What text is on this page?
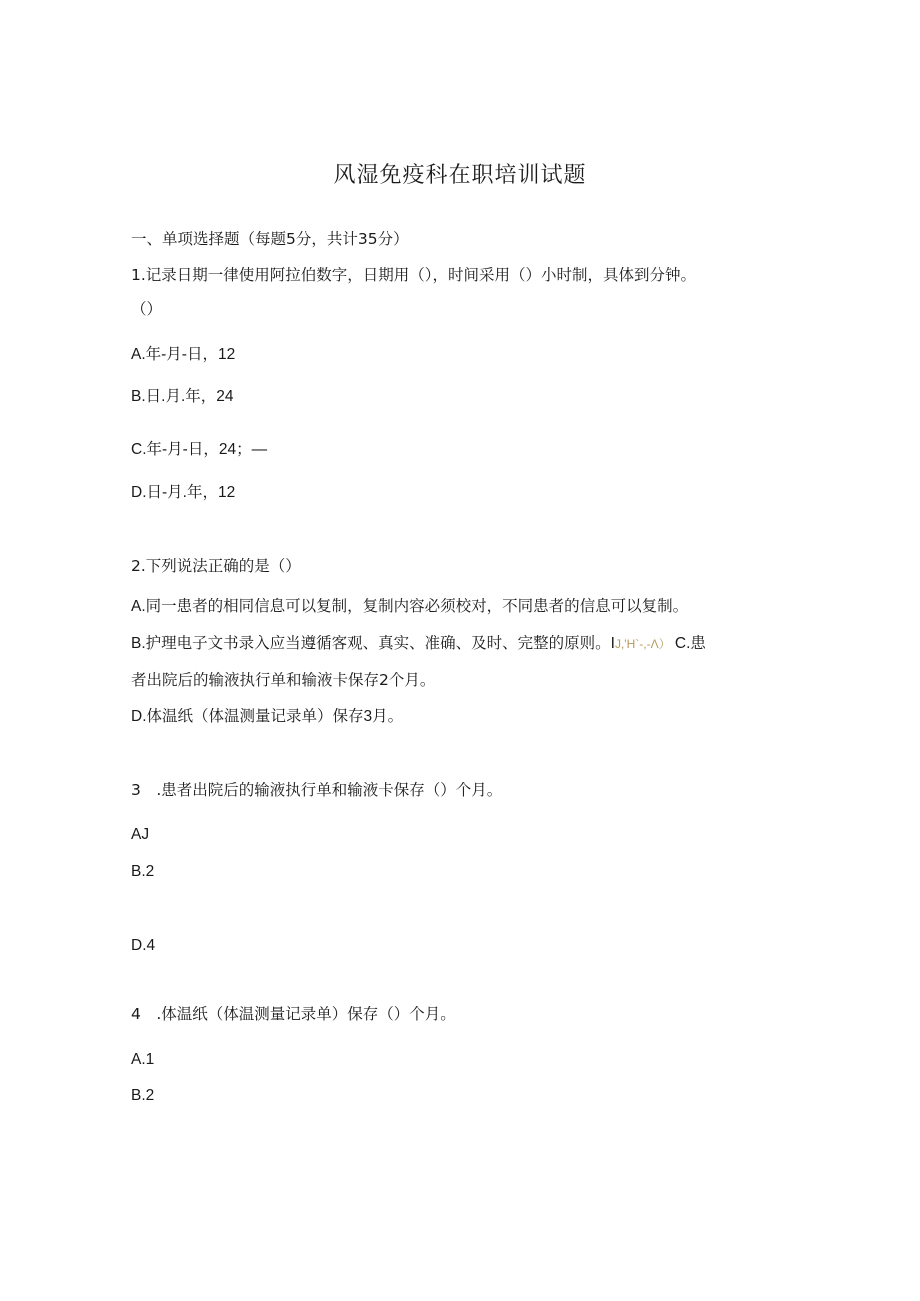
风湿免疫科在职培训试题
一、单项选择题（每题5分，共计35分）
1.记录日期一律使用阿拉伯数字，日期用（），时间采用（）小时制，具体到分钟。
（）
A.年-月-日，12
B.日.月.年，24
C.年-月-日，24；—
D.日-月.年，12
2.下列说法正确的是（）
A.同一患者的相同信息可以复制，复制内容必须校对，不同患者的信息可以复制。
B.护理电子文书录入应当遵循客观、真实、准确、及时、完整的原则。IJ,'H`-,-Λ） C.患
者出院后的输液执行单和输液卡保存2个月。
D.体温纸（体温测量记录单）保存3月。
3　.患者出院后的输液执行单和输液卡保存（）个月。
AJ
B.2
D.4
4　.体温纸（体温测量记录单）保存（）个月。
A.1
B.2
